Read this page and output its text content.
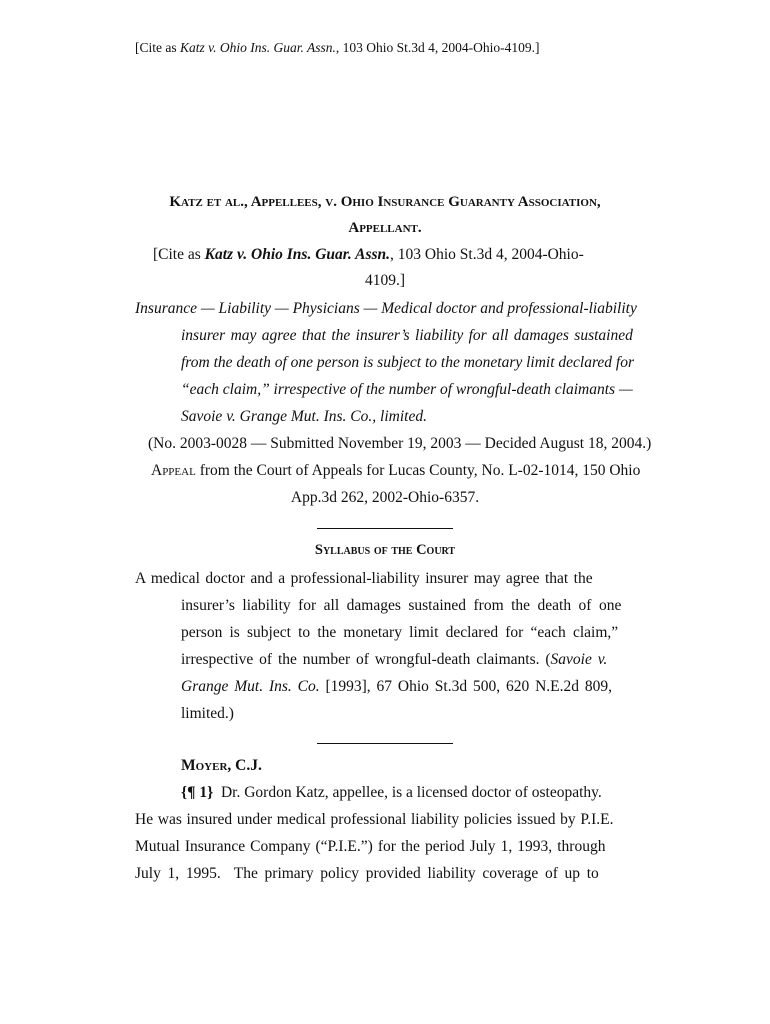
[Cite as Katz v. Ohio Ins. Guar. Assn., 103 Ohio St.3d 4, 2004-Ohio-4109.]
Katz et al., Appellees, v. Ohio Insurance Guaranty Association,
Appellant.
[Cite as Katz v. Ohio Ins. Guar. Assn., 103 Ohio St.3d 4, 2004-Ohio-
4109.]
Insurance — Liability — Physicians — Medical doctor and professional-liability
insurer may agree that the insurer’s liability for all damages sustained
from the death of one person is subject to the monetary limit declared for
“each claim,” irrespective of the number of wrongful-death claimants —
Savoie v. Grange Mut. Ins. Co., limited.
(No. 2003-0028 — Submitted November 19, 2003 — Decided August 18, 2004.)
Appeal from the Court of Appeals for Lucas County, No. L-02-1014, 150 Ohio
App.3d 262, 2002-Ohio-6357.
Syllabus of the Court
A medical doctor and a professional-liability insurer may agree that the
insurer’s liability for all damages sustained from the death of one
person is subject to the monetary limit declared for “each claim,”
irrespective of the number of wrongful-death claimants. (Savoie v.
Grange Mut. Ins. Co. [1993], 67 Ohio St.3d 500, 620 N.E.2d 809,
limited.)
Moyer, C.J.
{¶ 1}  Dr. Gordon Katz, appellee, is a licensed doctor of osteopathy.
He was insured under medical professional liability policies issued by P.I.E.
Mutual Insurance Company (“P.I.E.”) for the period July 1, 1993, through
July 1, 1995.  The primary policy provided liability coverage of up to
